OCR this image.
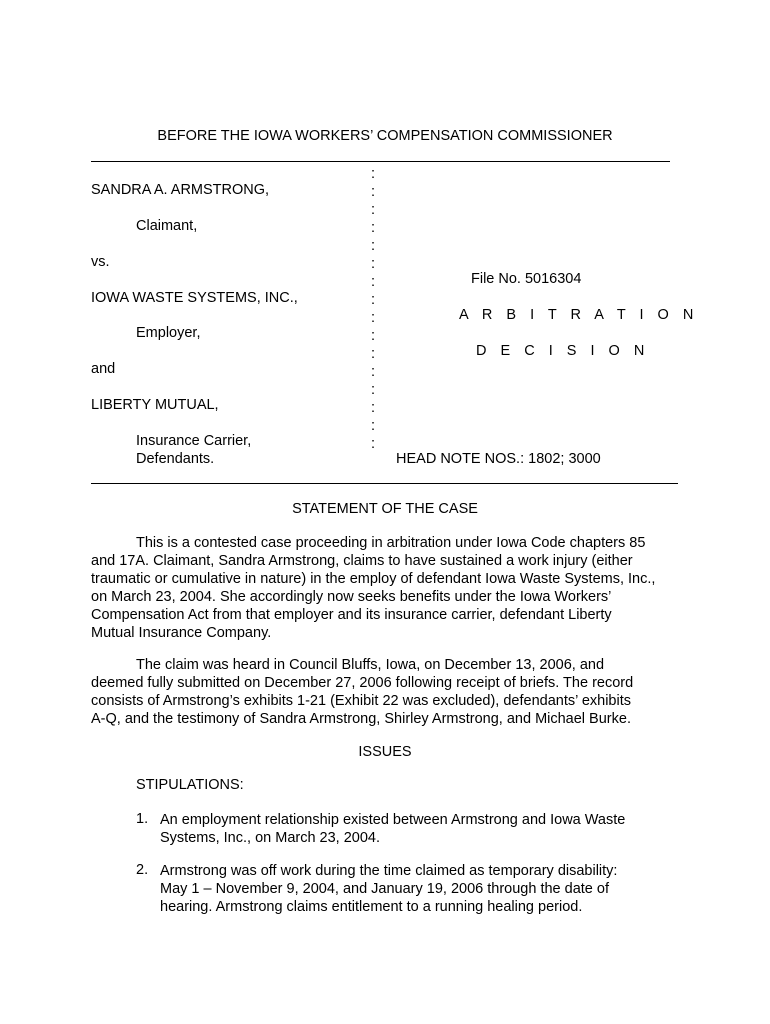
BEFORE THE IOWA WORKERS’ COMPENSATION COMMISSIONER
SANDRA A. ARMSTRONG,
Claimant,
vs.
IOWA WASTE SYSTEMS, INC.,
Employer,
and
LIBERTY MUTUAL,
Insurance Carrier,
Defendants.
:
:
:
:
:
:
:
:
:
:
:
:
:
:
:
:
File No. 5016304
A R B I T R A T I O N
D E C I S I O N
HEAD NOTE NOS.: 1802; 3000
STATEMENT OF THE CASE
This is a contested case proceeding in arbitration under Iowa Code chapters 85
and 17A. Claimant, Sandra Armstrong, claims to have sustained a work injury (either
traumatic or cumulative in nature) in the employ of defendant Iowa Waste Systems, Inc.,
on March 23, 2004. She accordingly now seeks benefits under the Iowa Workers’
Compensation Act from that employer and its insurance carrier, defendant Liberty
Mutual Insurance Company.
The claim was heard in Council Bluffs, Iowa, on December 13, 2006, and
deemed fully submitted on December 27, 2006 following receipt of briefs. The record
consists of Armstrong’s exhibits 1-21 (Exhibit 22 was excluded), defendants’ exhibits
A-Q, and the testimony of Sandra Armstrong, Shirley Armstrong, and Michael Burke.
ISSUES
STIPULATIONS:
1. An employment relationship existed between Armstrong and Iowa Waste
Systems, Inc., on March 23, 2004.
2. Armstrong was off work during the time claimed as temporary disability:
May 1 – November 9, 2004, and January 19, 2006 through the date of
hearing. Armstrong claims entitlement to a running healing period.
